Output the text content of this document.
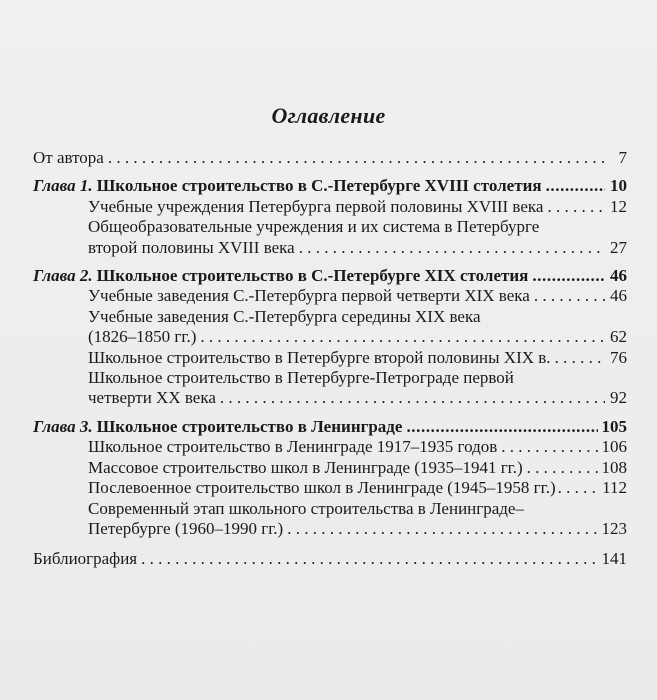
Оглавление
От автора . . .	7
Глава 1. Школьное строительство в С.-Петербурге XVIII столетия .....	10
Учебные учреждения Петербурга первой половины XVIII века . . .	12
Общеобразовательные учреждения и их система в Петербурге
второй половины XVIII века . . .	27
Глава 2. Школьное строительство в С.-Петербурге XIX столетия .....	46
Учебные заведения С.-Петербурга первой четверти XIX века . . .	46
Учебные заведения С.-Петербурга середины XIX века
(1826–1850 гг.) . . .	62
Школьное строительство в Петербурге второй половины XIX в. . . .	76
Школьное строительство в Петербурге-Петрограде первой
четверти XX века . . .	92
Глава 3. Школьное строительство в Ленинграде .....	105
Школьное строительство в Ленинграде 1917–1935 годов . . .	106
Массовое строительство школ в Ленинграде (1935–1941 гг.) . . .	108
Послевоенное строительство школ в Ленинграде (1945–1958 гг.) . . .	112
Современный этап школьного строительства в Ленинграде–
Петербурге (1960–1990 гг.) . . .	123
Библиография . . .	141
